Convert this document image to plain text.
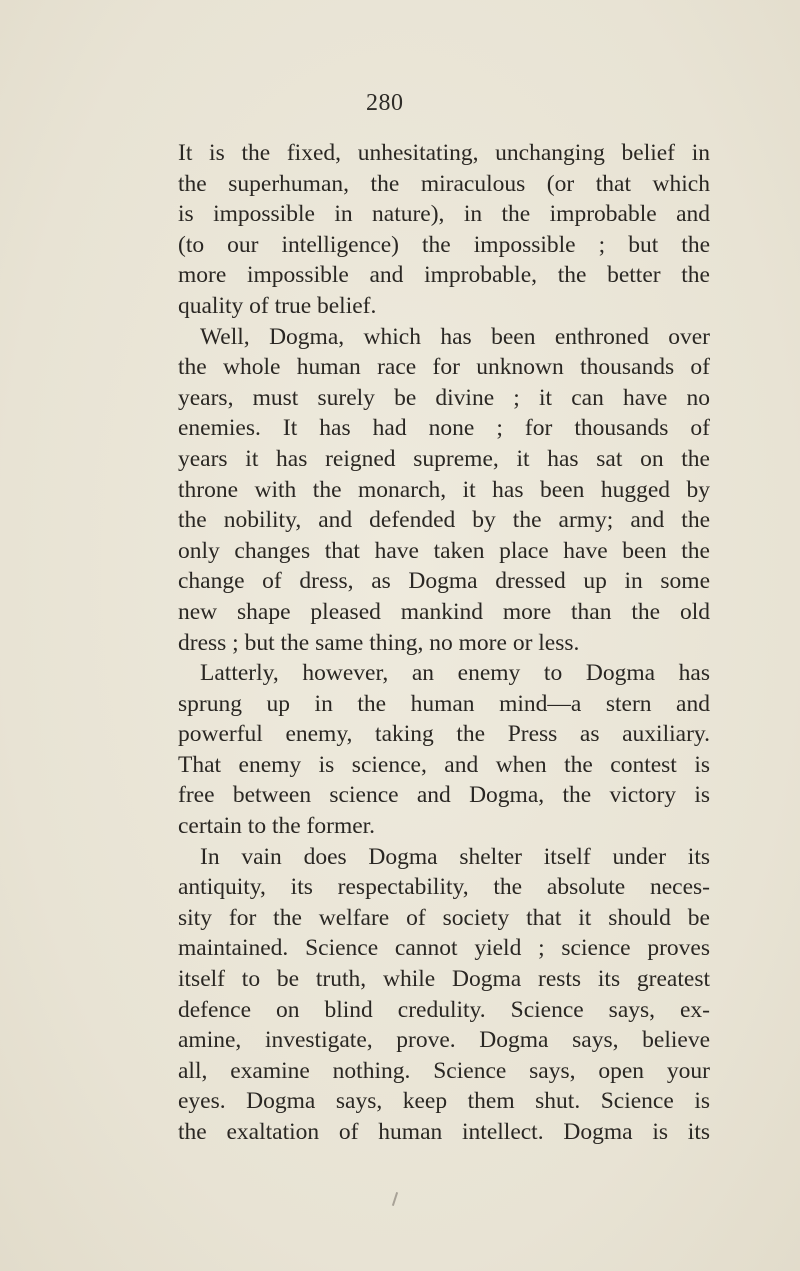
280
It is the fixed, unhesitating, unchanging belief in
the superhuman, the miraculous (or that which
is impossible in nature), in the improbable and
(to our intelligence) the impossible ; but the
more impossible and improbable, the better the
quality of true belief.
Well, Dogma, which has been enthroned over
the whole human race for unknown thousands of
years, must surely be divine ; it can have no
enemies. It has had none ; for thousands of
years it has reigned supreme, it has sat on the
throne with the monarch, it has been hugged by
the nobility, and defended by the army; and the
only changes that have taken place have been the
change of dress, as Dogma dressed up in some
new shape pleased mankind more than the old
dress ; but the same thing, no more or less.
Latterly, however, an enemy to Dogma has
sprung up in the human mind—a stern and
powerful enemy, taking the Press as auxiliary.
That enemy is science, and when the contest is
free between science and Dogma, the victory is
certain to the former.
In vain does Dogma shelter itself under its
antiquity, its respectability, the absolute neces-
sity for the welfare of society that it should be
maintained. Science cannot yield ; science proves
itself to be truth, while Dogma rests its greatest
defence on blind credulity. Science says, ex-
amine, investigate, prove. Dogma says, believe
all, examine nothing. Science says, open your
eyes. Dogma says, keep them shut. Science is
the exaltation of human intellect. Dogma is its
